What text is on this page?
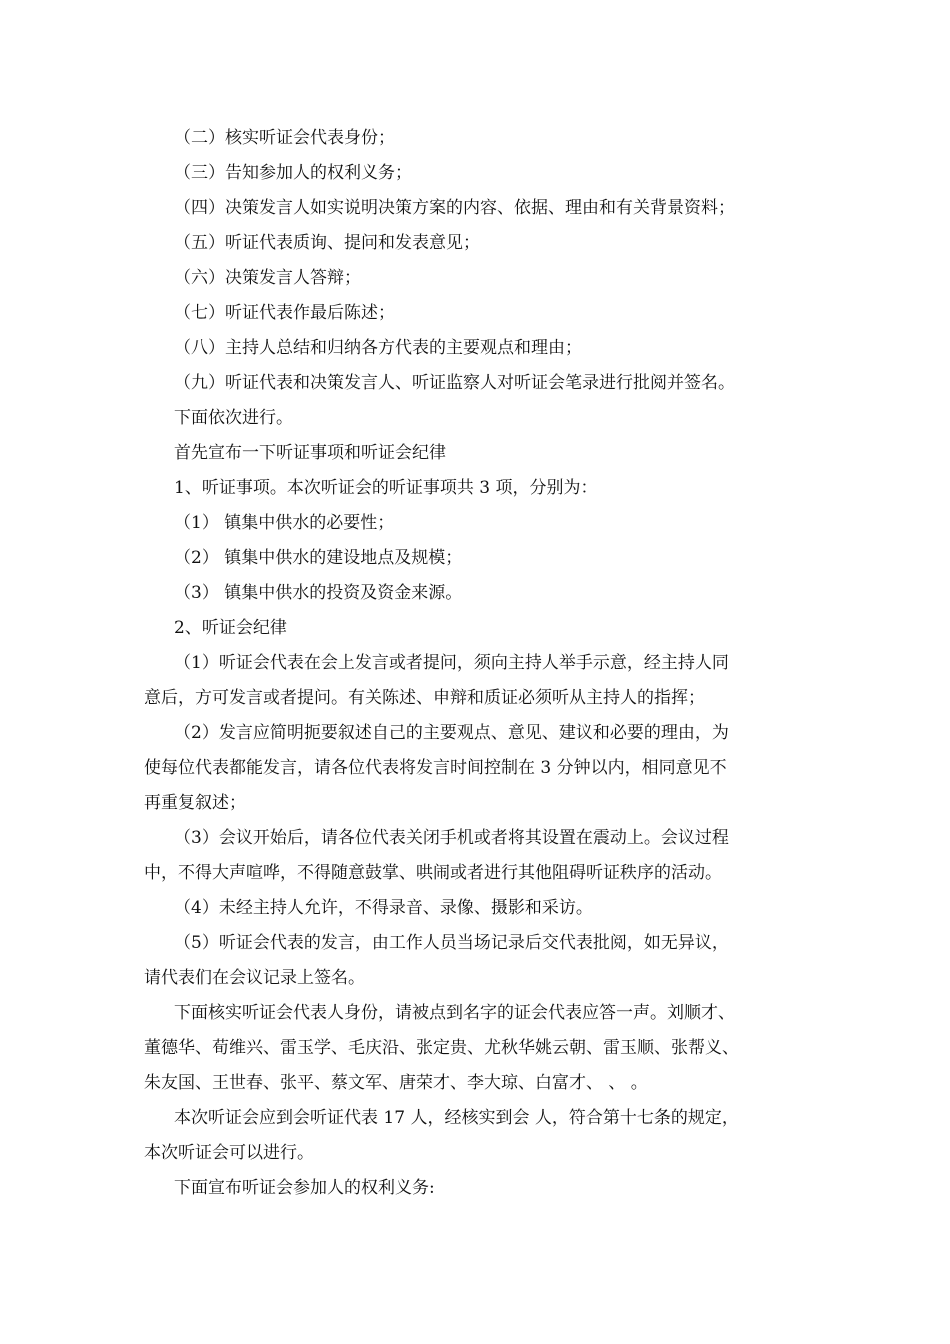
（二）核实听证会代表身份；
（三）告知参加人的权利义务；
（四）决策发言人如实说明决策方案的内容、依据、理由和有关背景资料；
（五）听证代表质询、提问和发表意见；
（六）决策发言人答辩；
（七）听证代表作最后陈述；
（八）主持人总结和归纳各方代表的主要观点和理由；
（九）听证代表和决策发言人、听证监察人对听证会笔录进行批阅并签名。
下面依次进行。
首先宣布一下听证事项和听证会纪律
1、听证事项。本次听证会的听证事项共 3 项，分别为：
（1） 镇集中供水的必要性；
（2） 镇集中供水的建设地点及规模；
（3） 镇集中供水的投资及资金来源。
2、听证会纪律
（1）听证会代表在会上发言或者提问，须向主持人举手示意，经主持人同
意后，方可发言或者提问。有关陈述、申辩和质证必须听从主持人的指挥；
（2）发言应简明扼要叙述自己的主要观点、意见、建议和必要的理由，为
使每位代表都能发言，请各位代表将发言时间控制在 3 分钟以内，相同意见不
再重复叙述；
（3）会议开始后，请各位代表关闭手机或者将其设置在震动上。会议过程
中，不得大声喧哗，不得随意鼓掌、哄闹或者进行其他阻碍听证秩序的活动。
（4）未经主持人允许，不得录音、录像、摄影和采访。
（5）听证会代表的发言，由工作人员当场记录后交代表批阅，如无异议，
请代表们在会议记录上签名。
下面核实听证会代表人身份，请被点到名字的证会代表应答一声。刘顺才、
董德华、荀维兴、雷玉学、毛庆沿、张定贵、尤秋华姚云朝、雷玉顺、张帮义、
朱友国、王世春、张平、蔡文军、唐荣才、李大琼、白富才、 、 。
本次听证会应到会听证代表 17 人，经核实到会 人，符合第十七条的规定，
本次听证会可以进行。
下面宣布听证会参加人的权利义务:
